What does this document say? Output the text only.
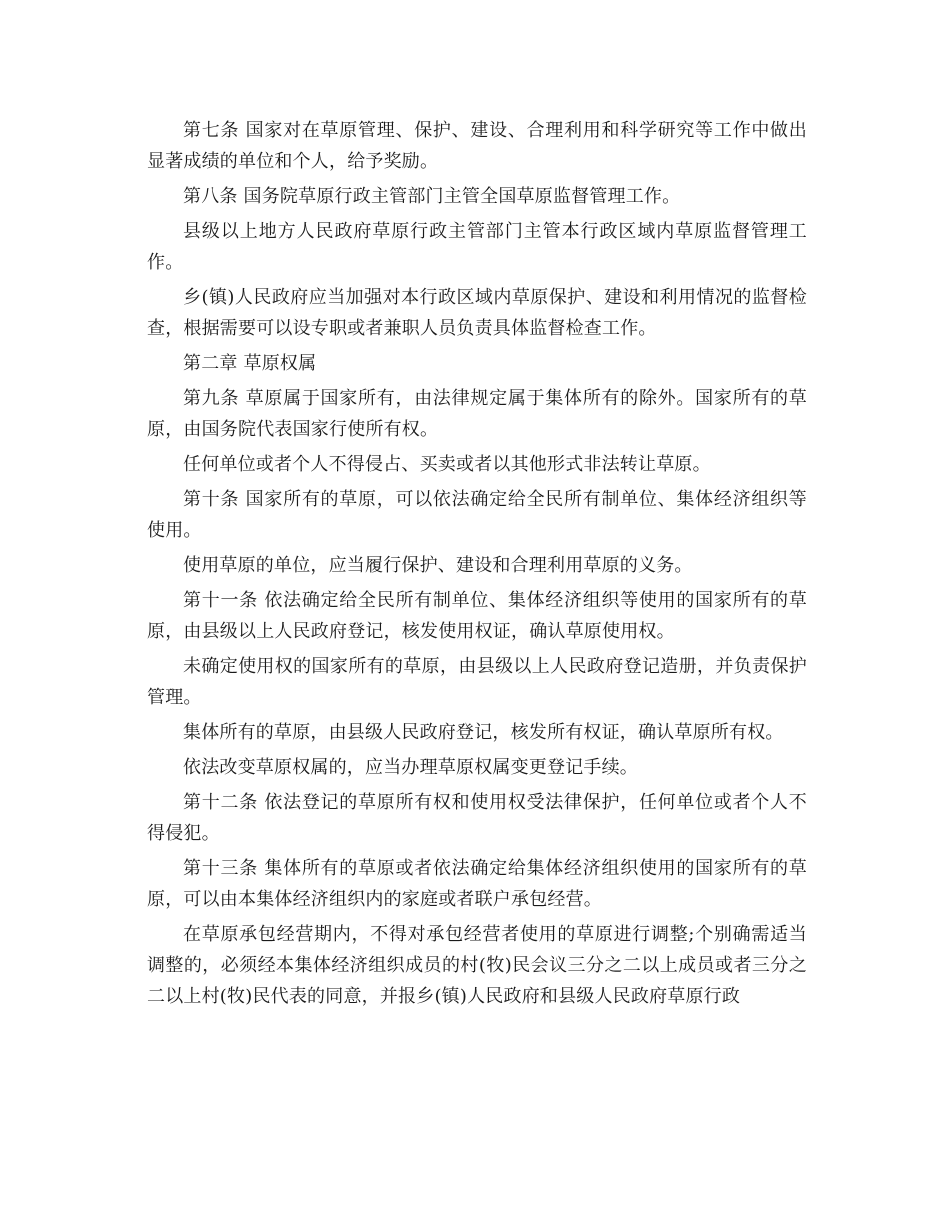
第七条 国家对在草原管理、保护、建设、合理利用和科学研究等工作中做出显著成绩的单位和个人，给予奖励。

第八条 国务院草原行政主管部门主管全国草原监督管理工作。

县级以上地方人民政府草原行政主管部门主管本行政区域内草原监督管理工作。

乡(镇)人民政府应当加强对本行政区域内草原保护、建设和利用情况的监督检查，根据需要可以设专职或者兼职人员负责具体监督检查工作。

第二章 草原权属

第九条 草原属于国家所有，由法律规定属于集体所有的除外。国家所有的草原，由国务院代表国家行使所有权。

任何单位或者个人不得侵占、买卖或者以其他形式非法转让草原。

第十条 国家所有的草原，可以依法确定给全民所有制单位、集体经济组织等使用。

使用草原的单位，应当履行保护、建设和合理利用草原的义务。

第十一条 依法确定给全民所有制单位、集体经济组织等使用的国家所有的草原，由县级以上人民政府登记，核发使用权证，确认草原使用权。

未确定使用权的国家所有的草原，由县级以上人民政府登记造册，并负责保护管理。

集体所有的草原，由县级人民政府登记，核发所有权证，确认草原所有权。

依法改变草原权属的，应当办理草原权属变更登记手续。

第十二条 依法登记的草原所有权和使用权受法律保护，任何单位或者个人不得侵犯。

第十三条 集体所有的草原或者依法确定给集体经济组织使用的国家所有的草原，可以由本集体经济组织内的家庭或者联户承包经营。

在草原承包经营期内，不得对承包经营者使用的草原进行调整;个别确需适当调整的，必须经本集体经济组织成员的村(牧)民会议三分之二以上成员或者三分之二以上村(牧)民代表的同意，并报乡(镇)人民政府和县级人民政府草原行政
